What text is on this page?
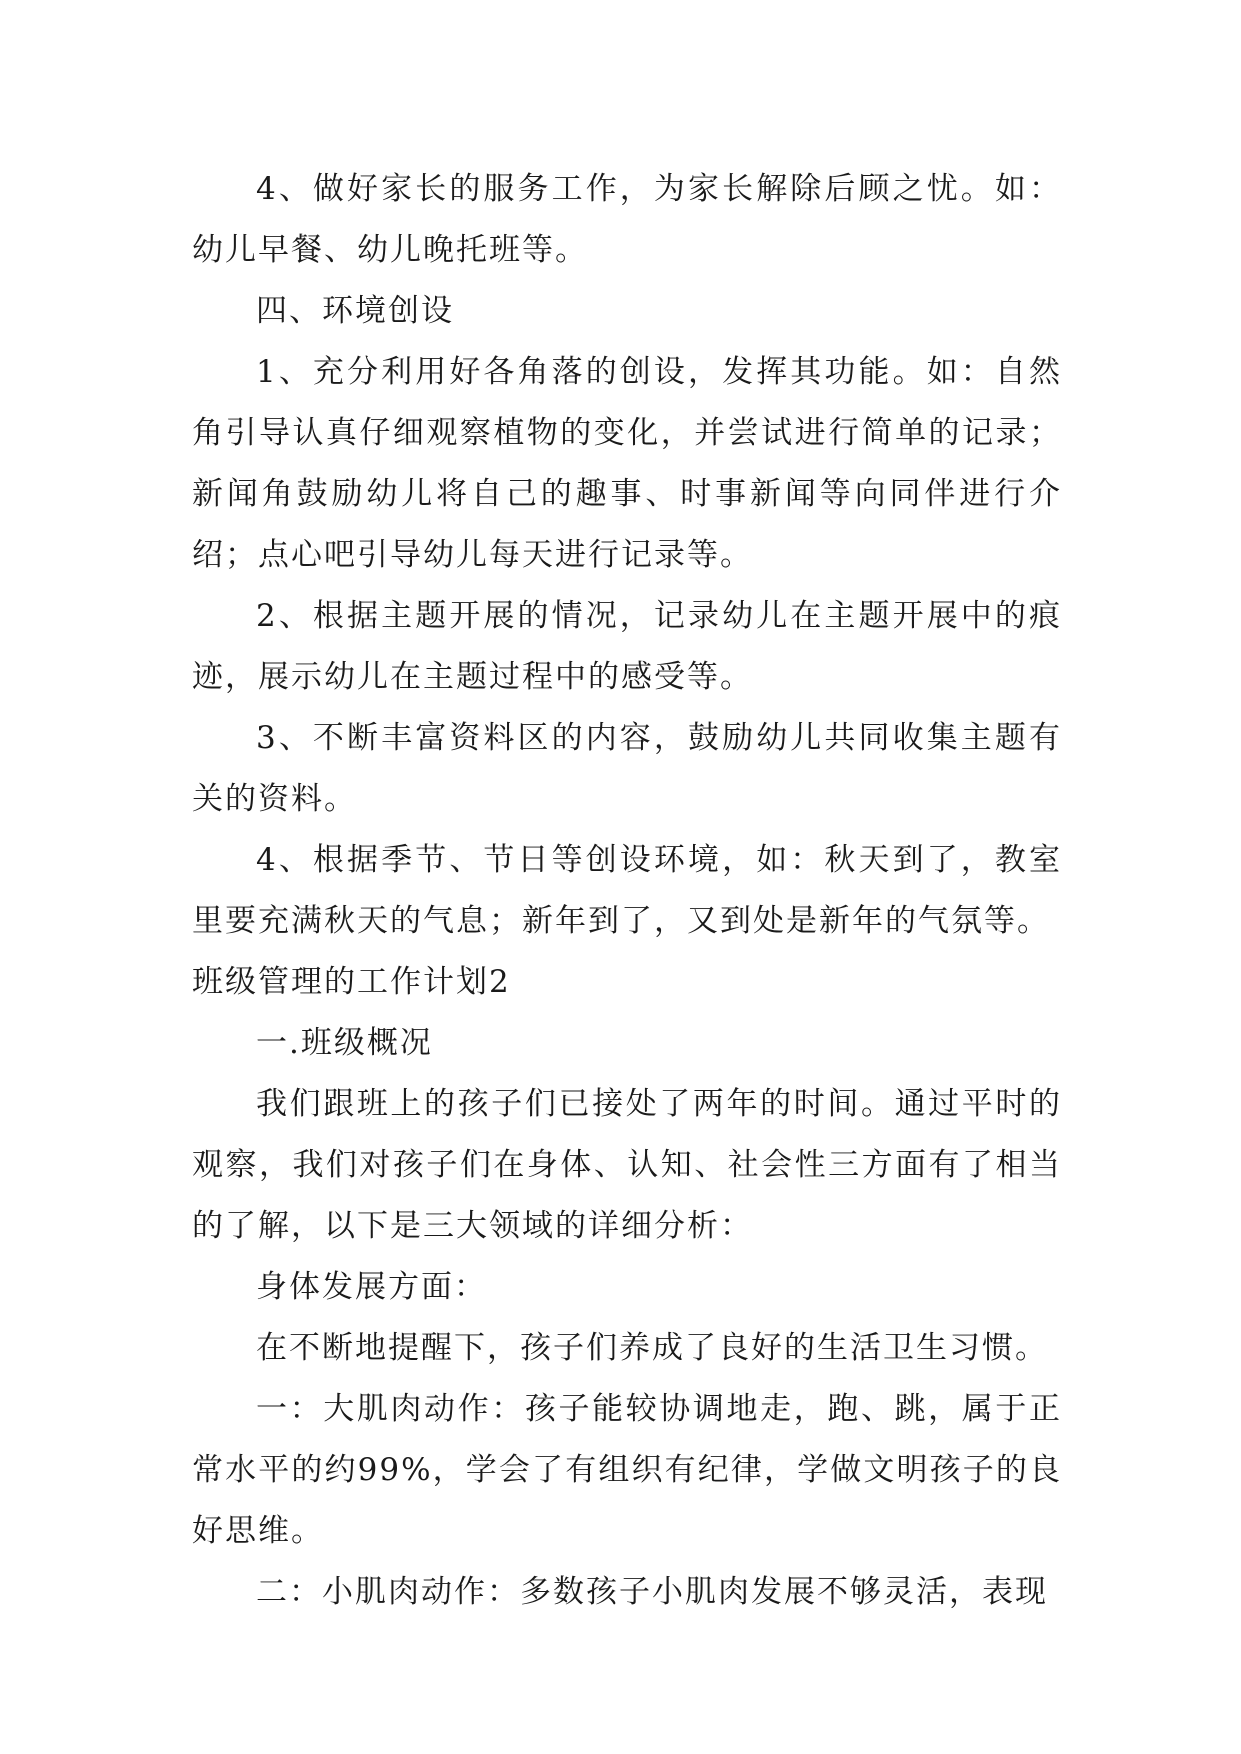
4、做好家长的服务工作，为家长解除后顾之忧。如：幼儿早餐、幼儿晚托班等。

四、环境创设

1、充分利用好各角落的创设，发挥其功能。如：自然角引导认真仔细观察植物的变化，并尝试进行简单的记录；新闻角鼓励幼儿将自己的趣事、时事新闻等向同伴进行介绍；点心吧引导幼儿每天进行记录等。

2、根据主题开展的情况，记录幼儿在主题开展中的痕迹，展示幼儿在主题过程中的感受等。

3、不断丰富资料区的内容，鼓励幼儿共同收集主题有关的资料。

4、根据季节、节日等创设环境，如：秋天到了，教室里要充满秋天的气息；新年到了，又到处是新年的气氛等。

班级管理的工作计划2

一.班级概况

我们跟班上的孩子们已接处了两年的时间。通过平时的观察，我们对孩子们在身体、认知、社会性三方面有了相当的了解，以下是三大领域的详细分析：

身体发展方面：

在不断地提醒下，孩子们养成了良好的生活卫生习惯。

一：大肌肉动作：孩子能较协调地走，跑、跳，属于正常水平的约99%，学会了有组织有纪律，学做文明孩子的良好思维。

二：小肌肉动作：多数孩子小肌肉发展不够灵活，表现
